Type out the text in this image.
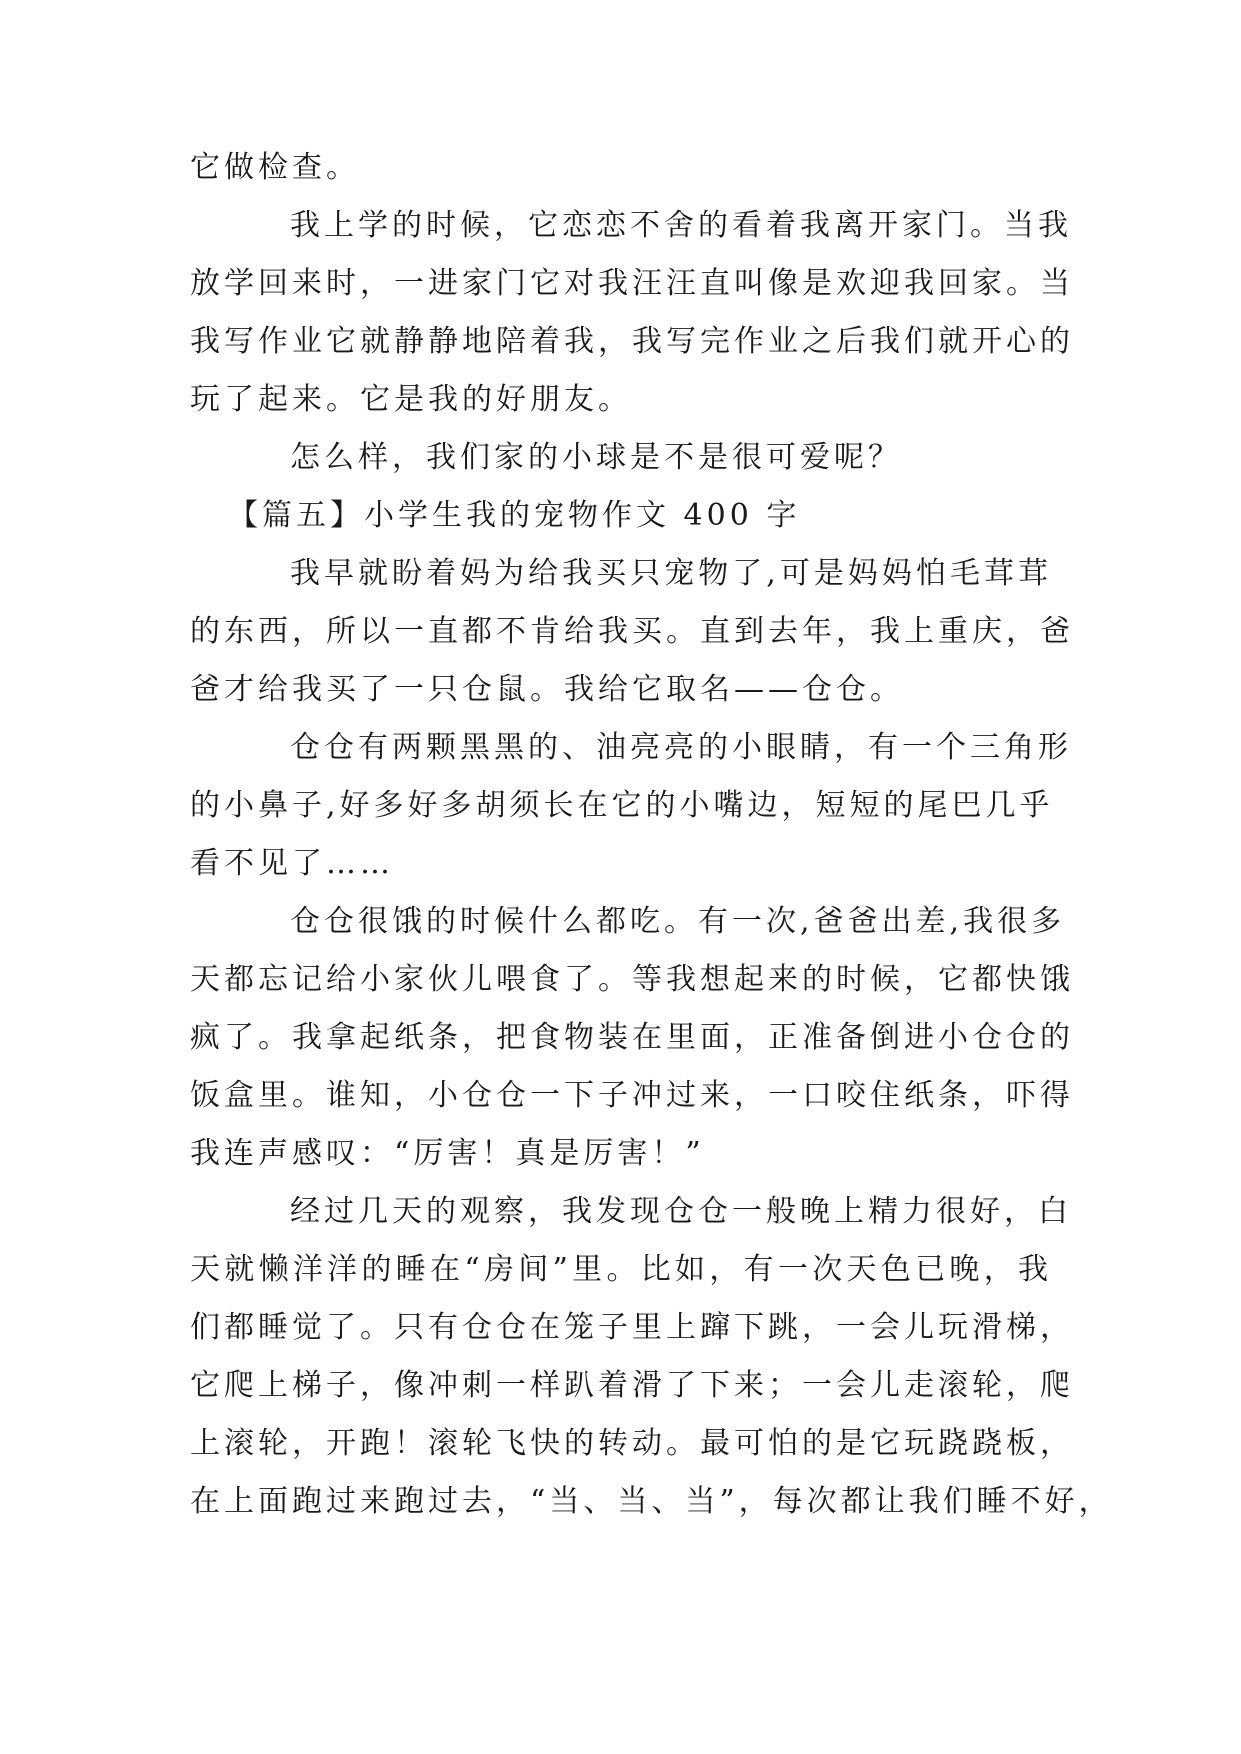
它做检查。
我上学的时候，它恋恋不舍的看着我离开家门。当我
放学回来时，一进家门它对我汪汪直叫像是欢迎我回家。当
我写作业它就静静地陪着我，我写完作业之后我们就开心的
玩了起来。它是我的好朋友。
怎么样，我们家的小球是不是很可爱呢？
【篇五】小学生我的宠物作文 400 字
我早就盼着妈为给我买只宠物了,可是妈妈怕毛茸茸
的东西，所以一直都不肯给我买。直到去年，我上重庆，爸
爸才给我买了一只仓鼠。我给它取名——仓仓。
仓仓有两颗黑黑的、油亮亮的小眼睛，有一个三角形
的小鼻子,好多好多胡须长在它的小嘴边，短短的尾巴几乎
看不见了……
仓仓很饿的时候什么都吃。有一次,爸爸出差,我很多
天都忘记给小家伙儿喂食了。等我想起来的时候，它都快饿
疯了。我拿起纸条，把食物装在里面，正准备倒进小仓仓的
饭盒里。谁知，小仓仓一下子冲过来，一口咬住纸条，吓得
我连声感叹：“厉害！真是厉害！”
经过几天的观察，我发现仓仓一般晚上精力很好，白
天就懒洋洋的睡在“房间”里。比如，有一次天色已晚，我
们都睡觉了。只有仓仓在笼子里上蹿下跳，一会儿玩滑梯，
它爬上梯子，像冲刺一样趴着滑了下来；一会儿走滚轮，爬
上滚轮，开跑！滚轮飞快的转动。最可怕的是它玩跷跷板，
在上面跑过来跑过去，“当、当、当”，每次都让我们睡不好，
